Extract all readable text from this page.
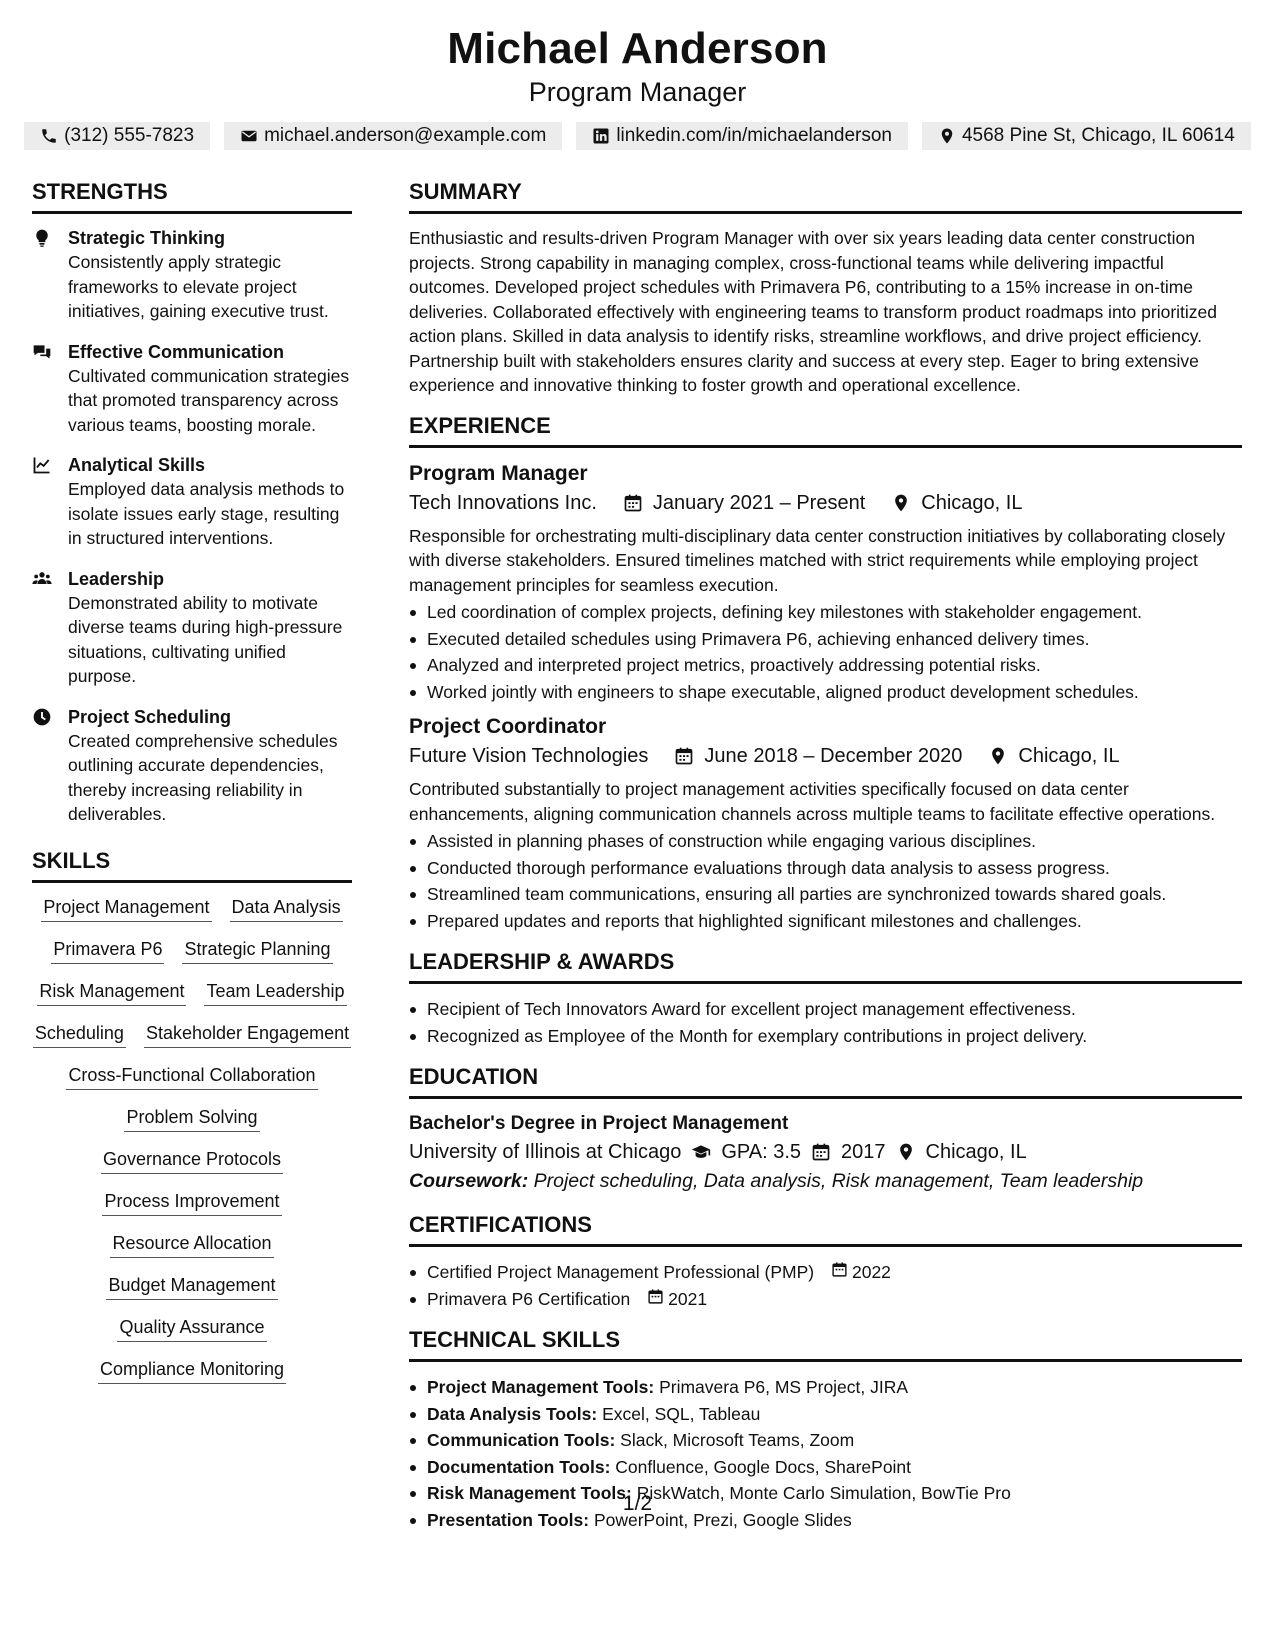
Michael Anderson
Program Manager
(312) 555-7823	michael.anderson@example.com	linkedin.com/in/michaelanderson	4568 Pine St, Chicago, IL 60614
STRENGTHS
Strategic Thinking
Consistently apply strategic frameworks to elevate project initiatives, gaining executive trust.
Effective Communication
Cultivated communication strategies that promoted transparency across various teams, boosting morale.
Analytical Skills
Employed data analysis methods to isolate issues early stage, resulting in structured interventions.
Leadership
Demonstrated ability to motivate diverse teams during high-pressure situations, cultivating unified purpose.
Project Scheduling
Created comprehensive schedules outlining accurate dependencies, thereby increasing reliability in deliverables.
SKILLS
Project Management Data Analysis
Primavera P6 Strategic Planning
Risk Management Team Leadership
Scheduling Stakeholder Engagement
Cross-Functional Collaboration
Problem Solving
Governance Protocols
Process Improvement
Resource Allocation
Budget Management
Quality Assurance
Compliance Monitoring
SUMMARY
Enthusiastic and results-driven Program Manager with over six years leading data center construction projects. Strong capability in managing complex, cross-functional teams while delivering impactful outcomes. Developed project schedules with Primavera P6, contributing to a 15% increase in on-time deliveries. Collaborated effectively with engineering teams to transform product roadmaps into prioritized action plans. Skilled in data analysis to identify risks, streamline workflows, and drive project efficiency. Partnership built with stakeholders ensures clarity and success at every step. Eager to bring extensive experience and innovative thinking to foster growth and operational excellence.
EXPERIENCE
Program Manager
Tech Innovations Inc.	January 2021 – Present	Chicago, IL
Responsible for orchestrating multi-disciplinary data center construction initiatives by collaborating closely with diverse stakeholders. Ensured timelines matched with strict requirements while employing project management principles for seamless execution.
Led coordination of complex projects, defining key milestones with stakeholder engagement.
Executed detailed schedules using Primavera P6, achieving enhanced delivery times.
Analyzed and interpreted project metrics, proactively addressing potential risks.
Worked jointly with engineers to shape executable, aligned product development schedules.
Project Coordinator
Future Vision Technologies	June 2018 – December 2020	Chicago, IL
Contributed substantially to project management activities specifically focused on data center enhancements, aligning communication channels across multiple teams to facilitate effective operations.
Assisted in planning phases of construction while engaging various disciplines.
Conducted thorough performance evaluations through data analysis to assess progress.
Streamlined team communications, ensuring all parties are synchronized towards shared goals.
Prepared updates and reports that highlighted significant milestones and challenges.
LEADERSHIP & AWARDS
Recipient of Tech Innovators Award for excellent project management effectiveness.
Recognized as Employee of the Month for exemplary contributions in project delivery.
EDUCATION
Bachelor's Degree in Project Management
University of Illinois at Chicago GPA: 3.5 2017 Chicago, IL
Coursework: Project scheduling, Data analysis, Risk management, Team leadership
CERTIFICATIONS
Certified Project Management Professional (PMP) 2022
Primavera P6 Certification 2021
TECHNICAL SKILLS
Project Management Tools: Primavera P6, MS Project, JIRA
Data Analysis Tools: Excel, SQL, Tableau
Communication Tools: Slack, Microsoft Teams, Zoom
Documentation Tools: Confluence, Google Docs, SharePoint
Risk Management Tools: RiskWatch, Monte Carlo Simulation, BowTie Pro
Presentation Tools: PowerPoint, Prezi, Google Slides
1/2
